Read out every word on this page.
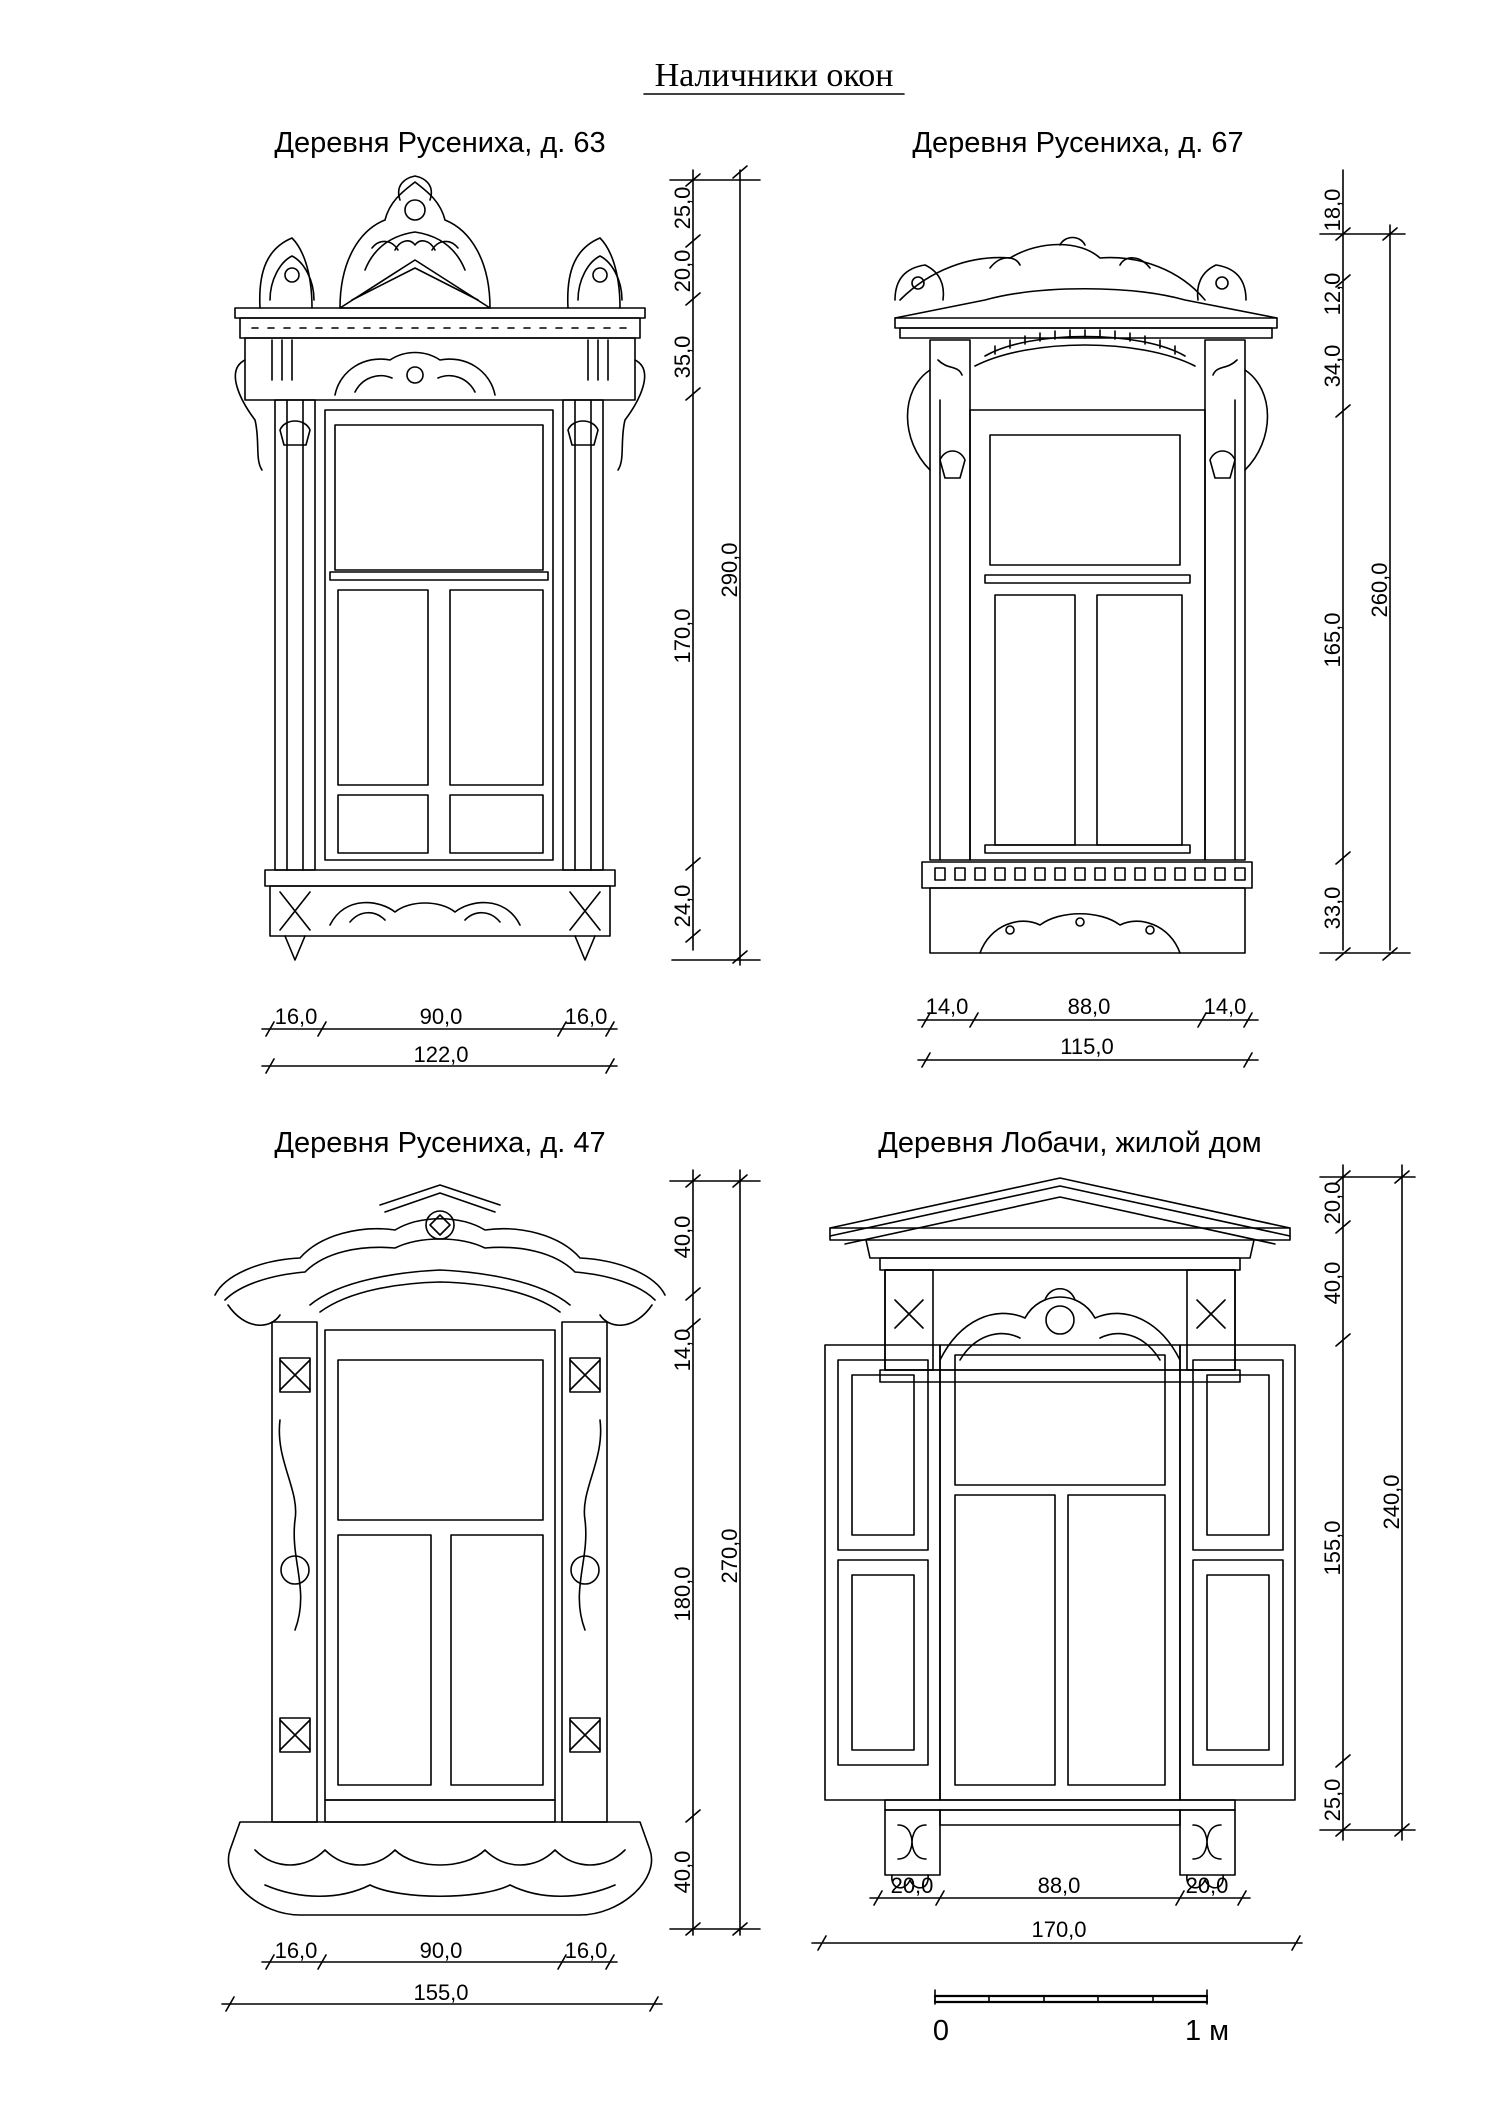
Наличники окон
Деревня Русениха, д. 63	Деревня Русениха, д. 67
Деревня Русениха, д. 47	Деревня Лобачи, жилой дом
25,0
20,0
35,0
170,0
24,0
290,0
16,0	90,0	16,0
122,0
18,0
12,0
34,0
165,0
33,0
260,0
14,0	88,0	14,0
115,0
40,0
14,0
180,0
40,0
270,0
16,0	90,0	16,0
155,0
20,0
40,0
155,0
25,0
240,0
20,0	88,0	20,0
170,0
0	1 м
